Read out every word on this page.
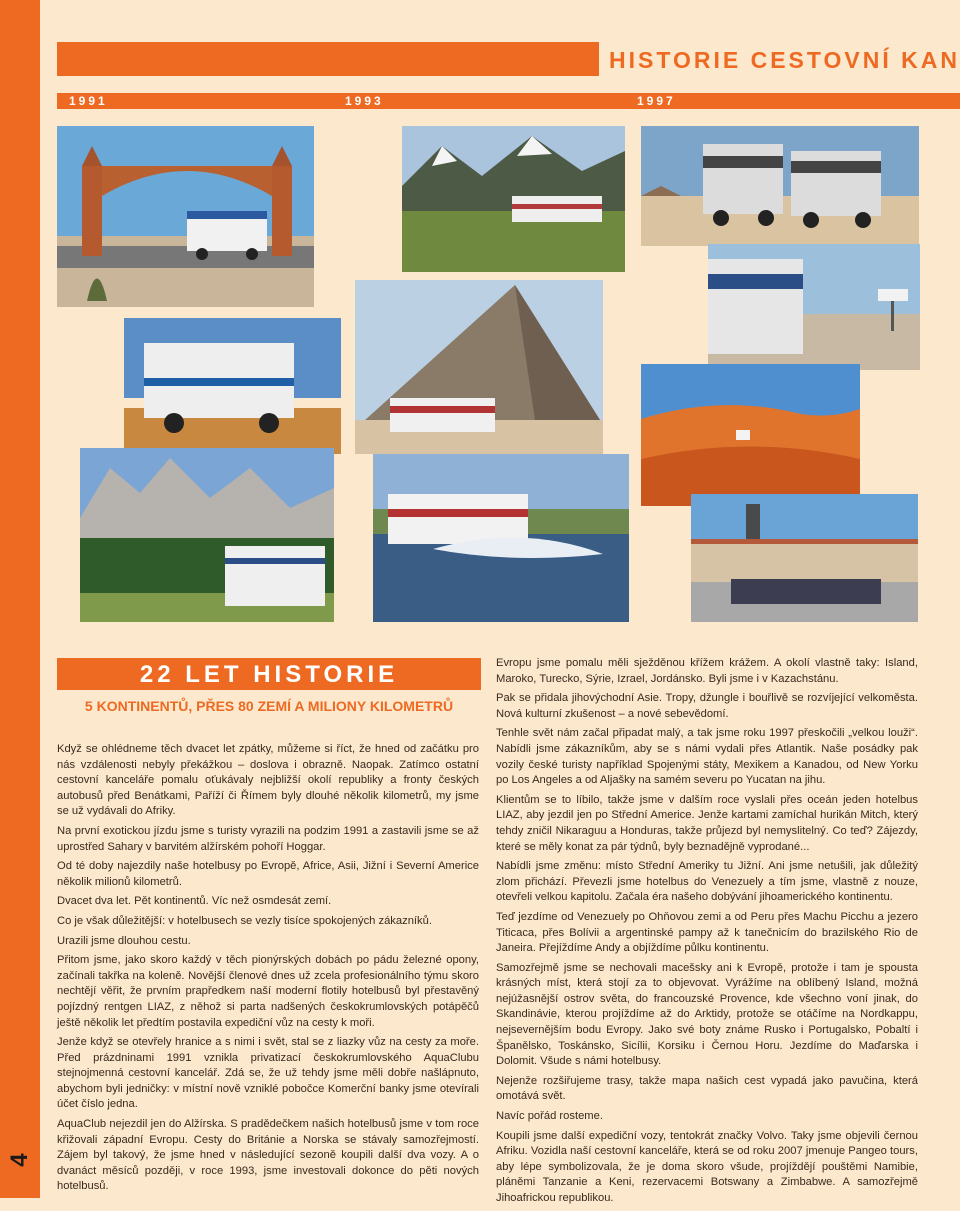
4
HISTORIE CESTOVNÍ KAN
1991	1993	1997
22 LET HISTORIE
5 KONTINENTŮ, PŘES 80 ZEMÍ A MILIONY KILOMETRŮ

Když se ohlédneme těch dvacet let zpátky, můžeme si říct, že hned od začátku pro nás vzdálenosti nebyly překážkou – doslova i obrazně. Naopak. Zatímco ostatní cestovní kanceláře pomalu oťukávaly nejbližší okolí republiky a fronty českých autobusů před Benátkami, Paříží či Římem byly dlouhé několik kilometrů, my jsme se už vydávali do Afriky.

Na první exotickou jízdu jsme s turisty vyrazili na podzim 1991 a zastavili jsme se až uprostřed Sahary v barvitém alžírském pohoří Hoggar.

Od té doby najezdily naše hotelbusy po Evropě, Africe, Asii, Jižní i Severní Americe několik milionů kilometrů.

Dvacet dva let. Pět kontinentů. Víc než osmdesát zemí.

Co je však důležitější: v hotelbusech se vezly tisíce spokojených zákazníků.

Urazili jsme dlouhou cestu.

Přitom jsme, jako skoro každý v těch pionýrských dobách po pádu železné opony, začínali takřka na koleně. Novější členové dnes už zcela profesionálního týmu skoro nechtějí věřit, že prvním prapředkem naší moderní flotily hotelbusů byl přestavěný pojízdný rentgen LIAZ, z něhož si parta nadšených českokrumlovských potápěčů ještě několik let předtím postavila expediční vůz na cesty k moři.

Jenže když se otevřely hranice a s nimi i svět, stal se z liazky vůz na cesty za moře. Před prázdninami 1991 vznikla privatizací českokrumlovského AquaClubu stejnojmenná cestovní kancelář. Zdá se, že už tehdy jsme měli dobře našlápnuto, abychom byli jedničky: v místní nově vzniklé pobočce Komerční banky jsme otevírali účet číslo jedna.

AquaClub nejezdil jen do Alžírska. S pradědečkem našich hotelbusů jsme v tom roce křižovali západní Evropu. Cesty do Británie a Norska se stávaly samozřejmostí. Zájem byl takový, že jsme hned v následující sezoně koupili další dva vozy. A o dvanáct měsíců později, v roce 1993, jsme investovali dokonce do pěti nových hotelbusů.

Evropu jsme pomalu měli sježděnou křížem krážem. A okolí vlastně taky: Island, Maroko, Turecko, Sýrie, Izrael, Jordánsko. Byli jsme i v Kazachstánu.

Pak se přidala jihovýchodní Asie. Tropy, džungle i bouřlivě se rozvíjející velkoměsta. Nová kulturní zkušenost – a nové sebevědomí.

Tenhle svět nám začal připadat malý, a tak jsme roku 1997 přeskočili „velkou louži“. Nabídli jsme zákazníkům, aby se s námi vydali přes Atlantik. Naše posádky pak vozily české turisty například Spojenými státy, Mexikem a Kanadou, od New Yorku po Los Angeles a od Aljašky na samém severu po Yucatan na jihu.

Klientům se to líbilo, takže jsme v dalším roce vyslali přes oceán jeden hotelbus LIAZ, aby jezdil jen po Střední Americe. Jenže kartami zamíchal hurikán Mitch, který tehdy zničil Nikaraguu a Honduras, takže průjezd byl nemyslitelný. Co teď? Zájezdy, které se měly konat za pár týdnů, byly beznadějně vyprodané...

Nabídli jsme změnu: místo Střední Ameriky tu Jižní. Ani jsme netušili, jak důležitý zlom přichází. Převezli jsme hotelbus do Venezuely a tím jsme, vlastně z nouze, otevřeli velkou kapitolu. Začala éra našeho dobývání jihoamerického kontinentu.

Teď jezdíme od Venezuely po Ohňovou zemi a od Peru přes Machu Picchu a jezero Titicaca, přes Bolívii a argentinské pampy až k tanečnicím do brazilského Rio de Janeira. Přejíždíme Andy a objíždíme půlku kontinentu.

Samozřejmě jsme se nechovali macešsky ani k Evropě, protože i tam je spousta krásných míst, která stojí za to objevovat. Vyrážíme na oblíbený Island, možná nejúžasnější ostrov světa, do francouzské Provence, kde všechno voní jinak, do Skandinávie, kterou projíždíme až do Arktidy, protože se otáčíme na Nordkappu, nejsevernějším bodu Evropy. Jako své boty známe Rusko i Portugalsko, Pobaltí i Španělsko, Toskánsko, Sicílii, Korsiku i Černou Horu. Jezdíme do Maďarska i Dolomit. Všude s námi hotelbusy.

Nejenže rozšiřujeme trasy, takže mapa našich cest vypadá jako pavučina, která omotává svět.

Navíc pořád rosteme.

Koupili jsme další expediční vozy, tentokrát značky Volvo. Taky jsme objevili černou Afriku. Vozidla naší cestovní kanceláře, která se od roku 2007 jmenuje Pangeo tours, aby lépe symbolizovala, že je doma skoro všude, projíždějí pouštěmi Namibie, pláněmi Tanzanie a Keni, rezervacemi Botswany a Zimbabwe. A samozřejmě Jihoafrickou republikou.
